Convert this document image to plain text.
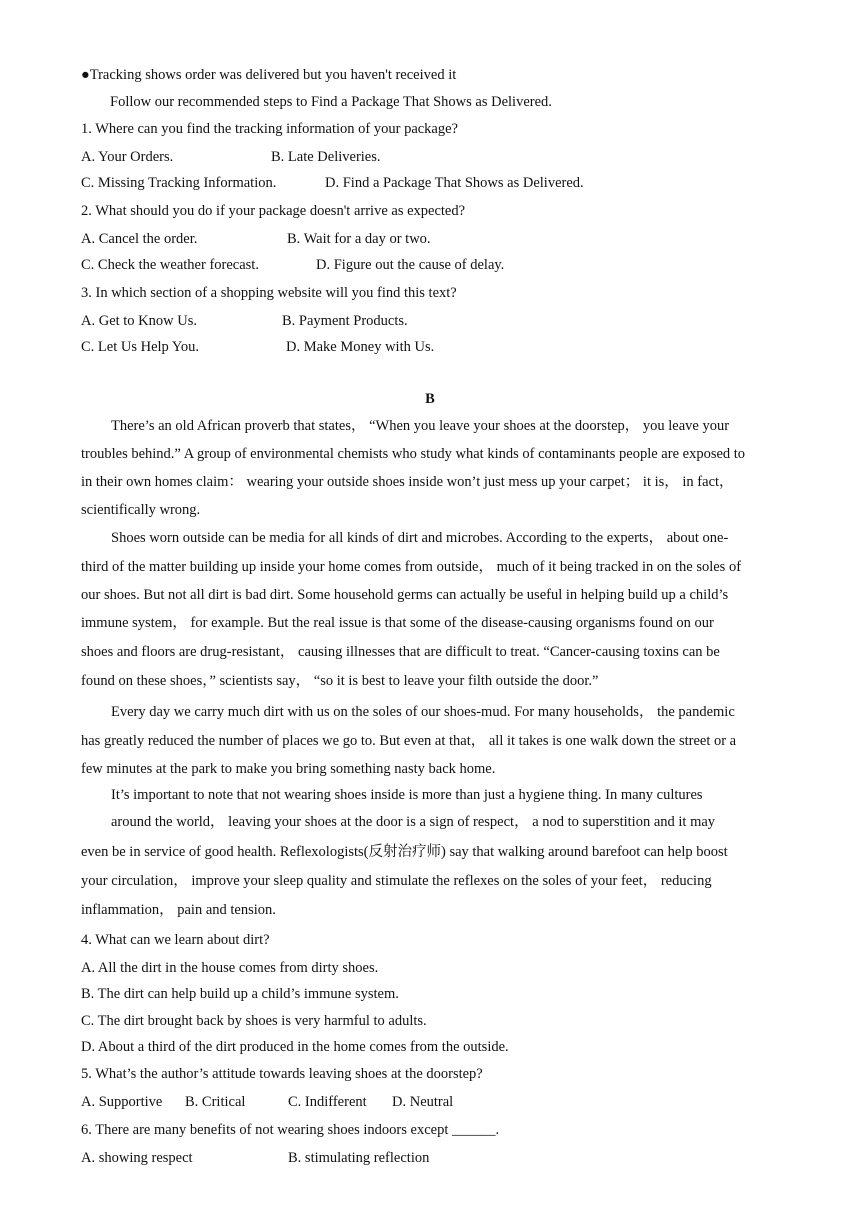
●Tracking shows order was delivered but you haven't received it
Follow our recommended steps to Find a Package That Shows as Delivered.
1. Where can you find the tracking information of your package?
A. Your Orders.	B. Late Deliveries.
C. Missing Tracking Information.	D. Find a Package That Shows as Delivered.
2. What should you do if your package doesn't arrive as expected?
A. Cancel the order.	B. Wait for a day or two.
C. Check the weather forecast.	D. Figure out the cause of delay.
3. In which section of a shopping website will you find this text?
A. Get to Know Us.	B. Payment Products.
C. Let Us Help You.	D. Make Money with Us.
B
There’s an old African proverb that states， “When you leave your shoes at the doorstep， you leave your
troubles behind.” A group of environmental chemists who study what kinds of contaminants people are exposed to
in their own homes claim： wearing your outside shoes inside won’t just mess up your carpet； it is， in fact，
scientifically wrong.
Shoes worn outside can be media for all kinds of dirt and microbes. According to the experts， about one-
third of the matter building up inside your home comes from outside， much of it being tracked in on the soles of
our shoes. But not all dirt is bad dirt. Some household germs can actually be useful in helping build up a child’s
immune system， for example. But the real issue is that some of the disease-causing organisms found on our
shoes and floors are drug-resistant， causing illnesses that are difficult to treat. “Cancer-causing toxins can be
found on these shoes，” scientists say， “so it is best to leave your filth outside the door.”
Every day we carry much dirt with us on the soles of our shoes-mud. For many households， the pandemic
has greatly reduced the number of places we go to. But even at that， all it takes is one walk down the street or a
few minutes at the park to make you bring something nasty back home.
It’s important to note that not wearing shoes inside is more than just a hygiene thing. In many cultures
around the world， leaving your shoes at the door is a sign of respect， a nod to superstition and it may
even be in service of good health. Reflexologists(反射治疗师) say that walking around barefoot can help boost
your circulation， improve your sleep quality and stimulate the reflexes on the soles of your feet， reducing
inflammation， pain and tension.
4. What can we learn about dirt?
A. All the dirt in the house comes from dirty shoes.
B. The dirt can help build up a child’s immune system.
C. The dirt brought back by shoes is very harmful to adults.
D. About a third of the dirt produced in the home comes from the outside.
5. What’s the author’s attitude towards leaving shoes at the doorstep?
A. Supportive B. Critical	C. Indifferent D. Neutral
6. There are many benefits of not wearing shoes indoors except ______.
A. showing respect	B. stimulating reflection
